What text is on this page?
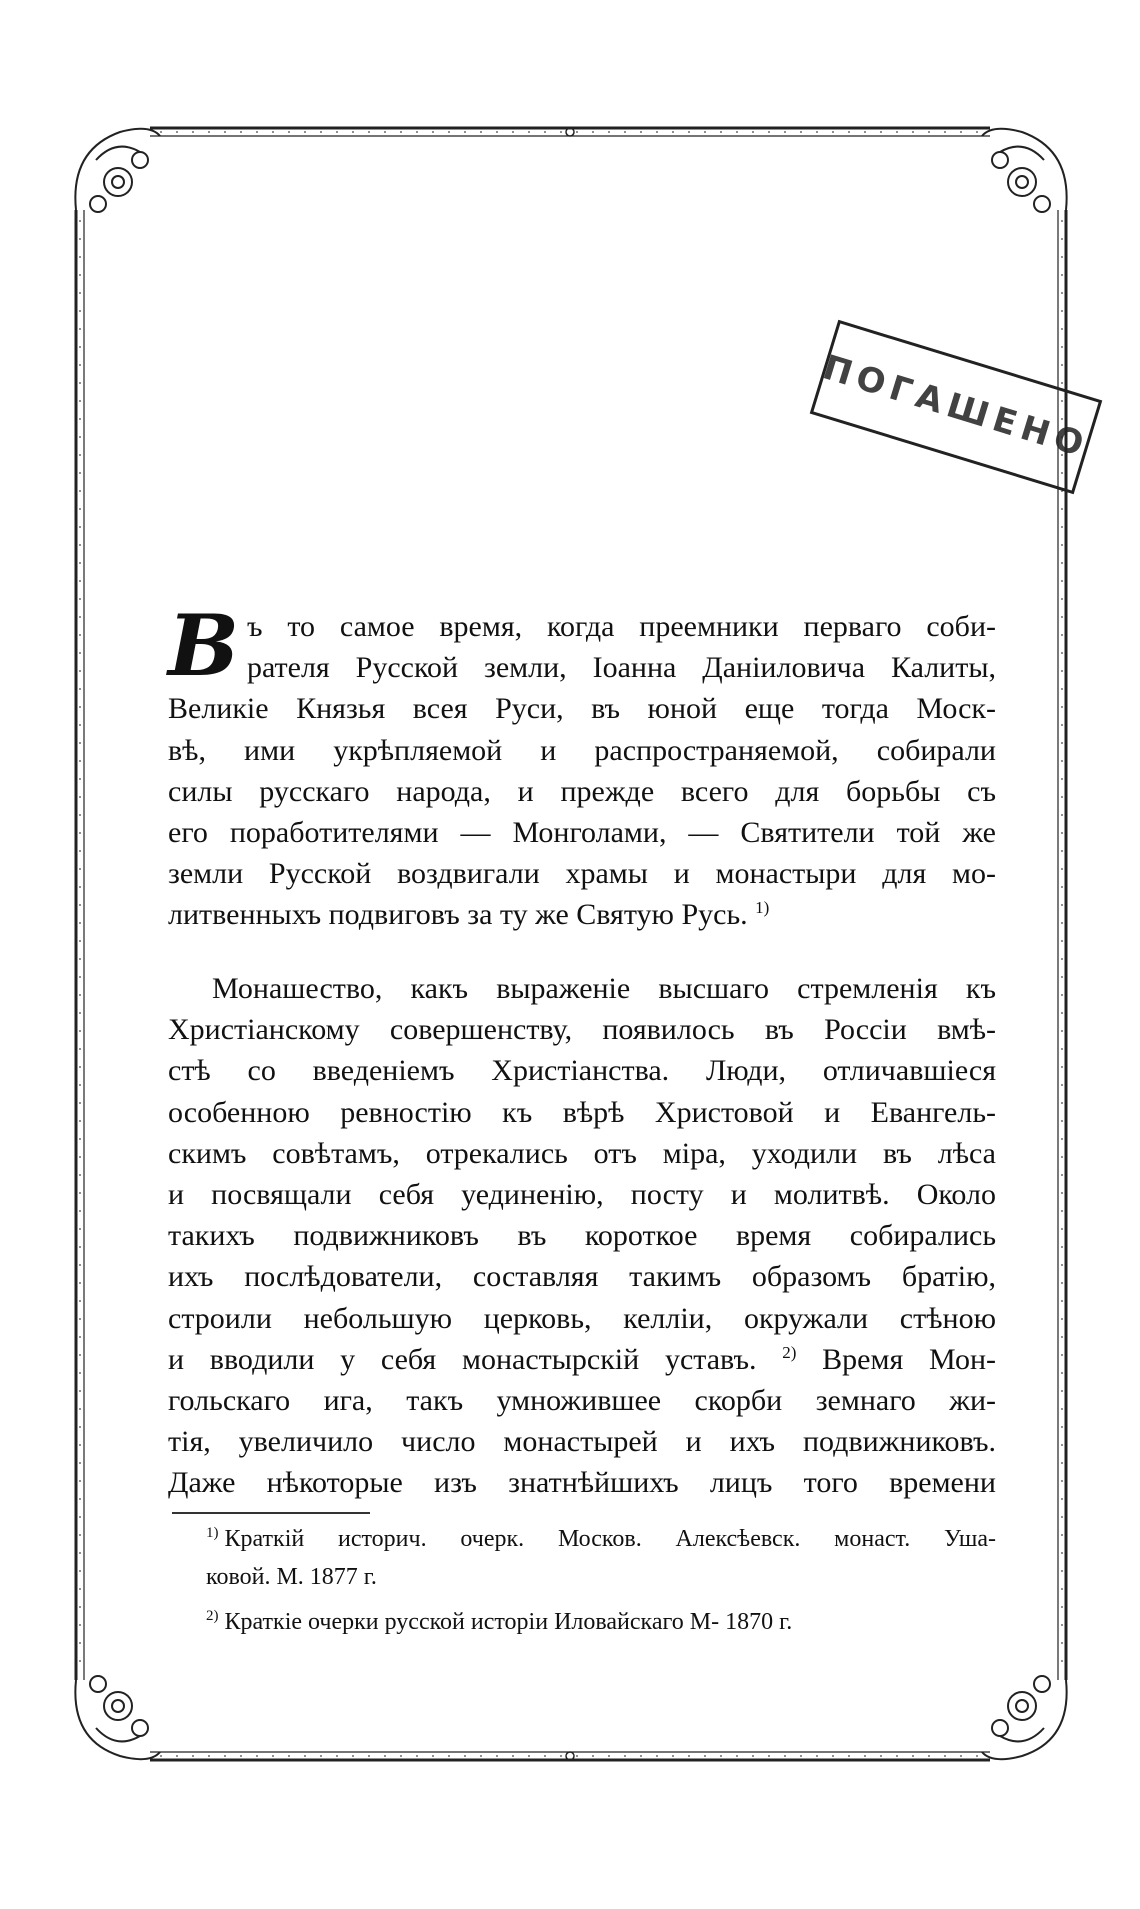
ПОГАШЕНО
В ъ то самое время, когда преемники перваго соби-
рателя Русской земли, Іоанна Даніиловича Калиты,
Великіе Князья всея Руси, въ юной еще тогда Моск-
вѣ, ими укрѣпляемой и распространяемой, собирали
силы русскаго народа, и прежде всего для борьбы съ
его поработителями — Монголами, — Святители той же
земли Русской воздвигали храмы и монастыри для мо-
литвенныхъ подвиговъ за ту же Святую Русь. $^{1)}$
Монашество, какъ выраженіе высшаго стремленія къ
Христіанскому совершенству, появилось въ Россіи вмѣ-
стѣ со введеніемъ Христіанства. Люди, отличавшіеся
особенною ревностію къ вѣрѣ Христовой и Евангель-
скимъ совѣтамъ, отрекались отъ міра, уходили въ лѣса
и посвящали себя уединенію, посту и молитвѣ. Около
такихъ подвижниковъ въ короткое время собирались
ихъ послѣдователи, составляя такимъ образомъ братію,
строили небольшую церковь, келліи, окружали стѣною
и вводили у себя монастырскій уставъ. $^{2)}$ Время Мон-
гольскаго ига, такъ умножившее скорби земнаго жи-
тія, увеличило число монастырей и ихъ подвижниковъ.
Даже нѣкоторые изъ знатнѣйшихъ лицъ того времени
$^{1)}$ Краткій историч. очерк. Москов. Алексѣевск. монаст. Уша-
ковой. М. 1877 г.
$^{2)}$ Краткіе очерки русской исторіи Иловайскаго М- 1870 г.
